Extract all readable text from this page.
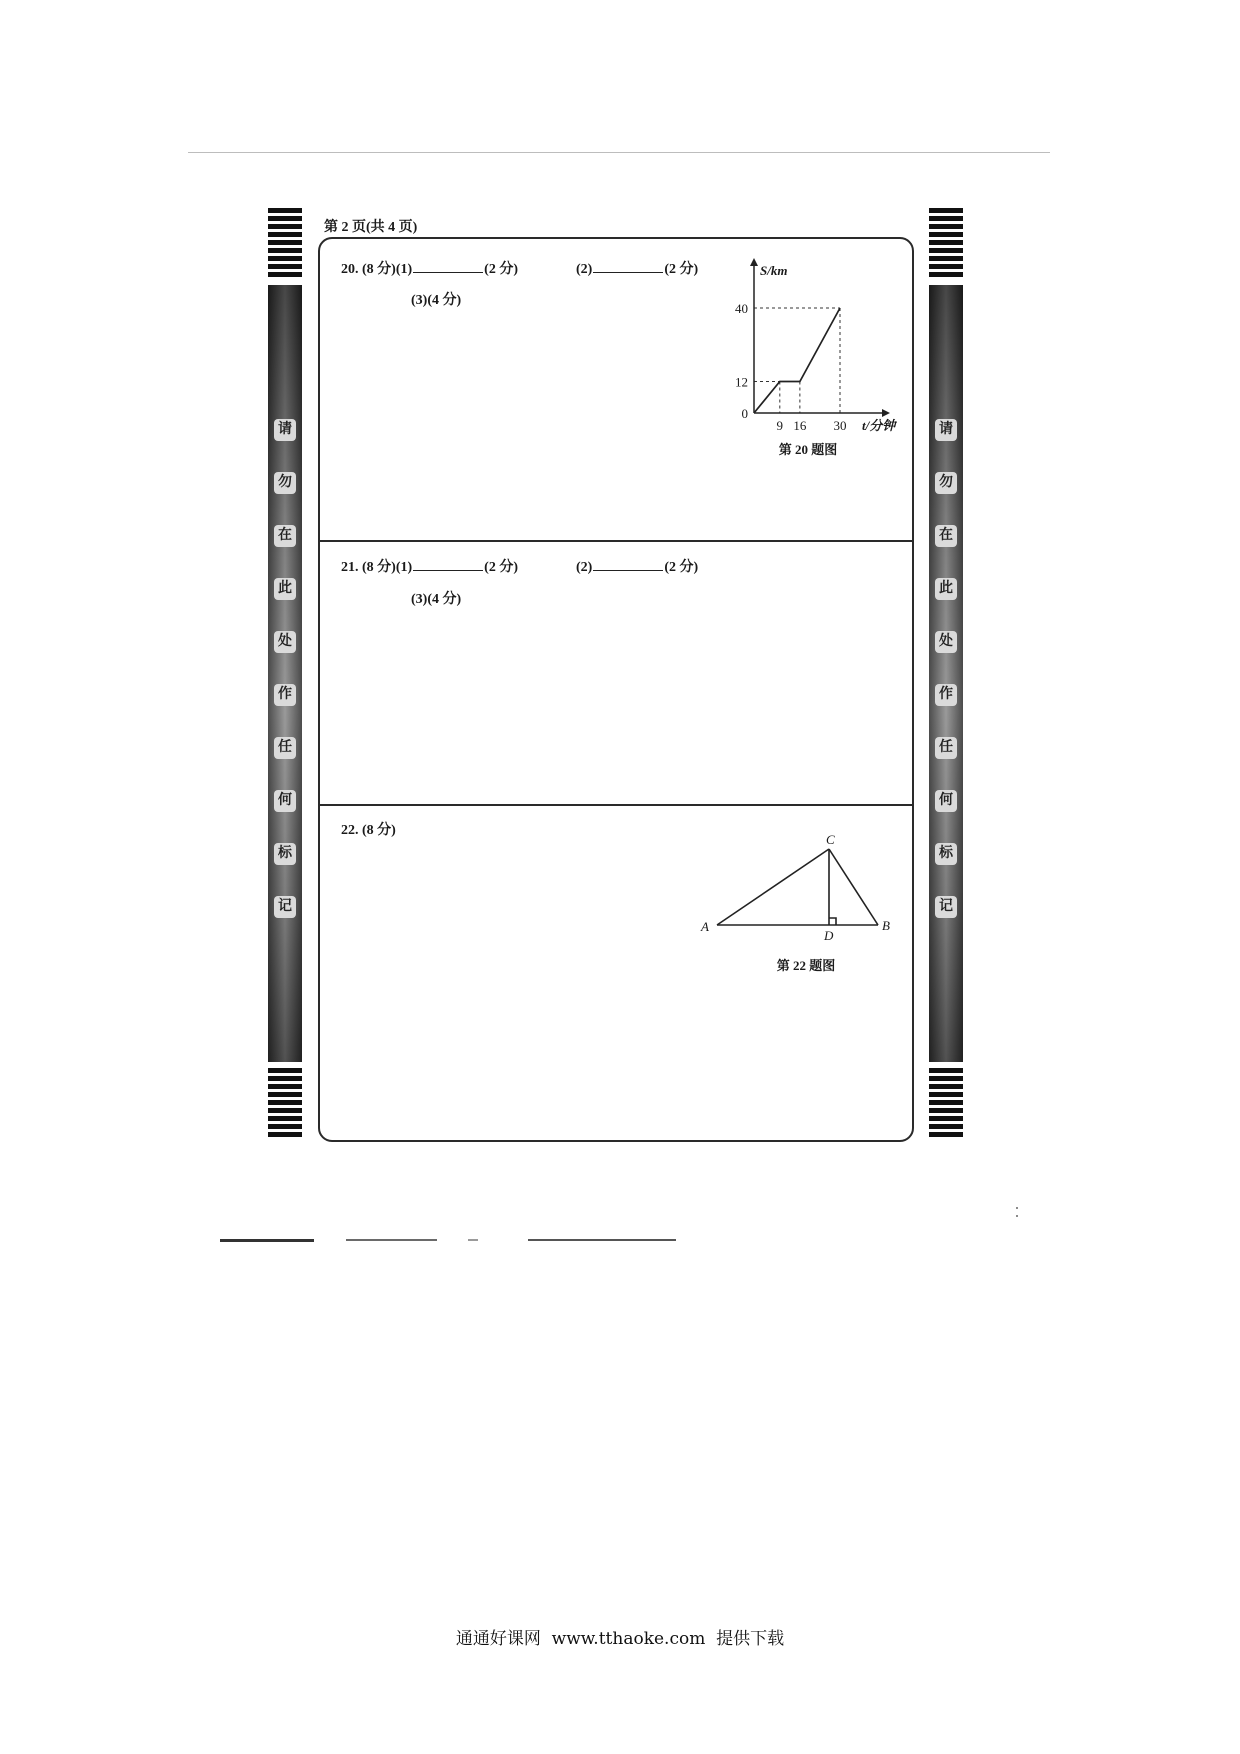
请
勿
在
此
处
作
任
何
标
记
请
勿
在
此
处
作
任
何
标
记
第 2 页(共 4 页)
20. (8 分)(1)	(2 分)	(2)	(2 分)
(3)(4 分)
S/km
t/分钟
0
9 16 30
12
40
第 20 题图
21. (8 分)(1)	(2 分)	(2)	(2 分)
(3)(4 分)
22. (8 分)
C
A
D
B
第 22 题图
通通好课网  www.tthaoke.com  提供下载
